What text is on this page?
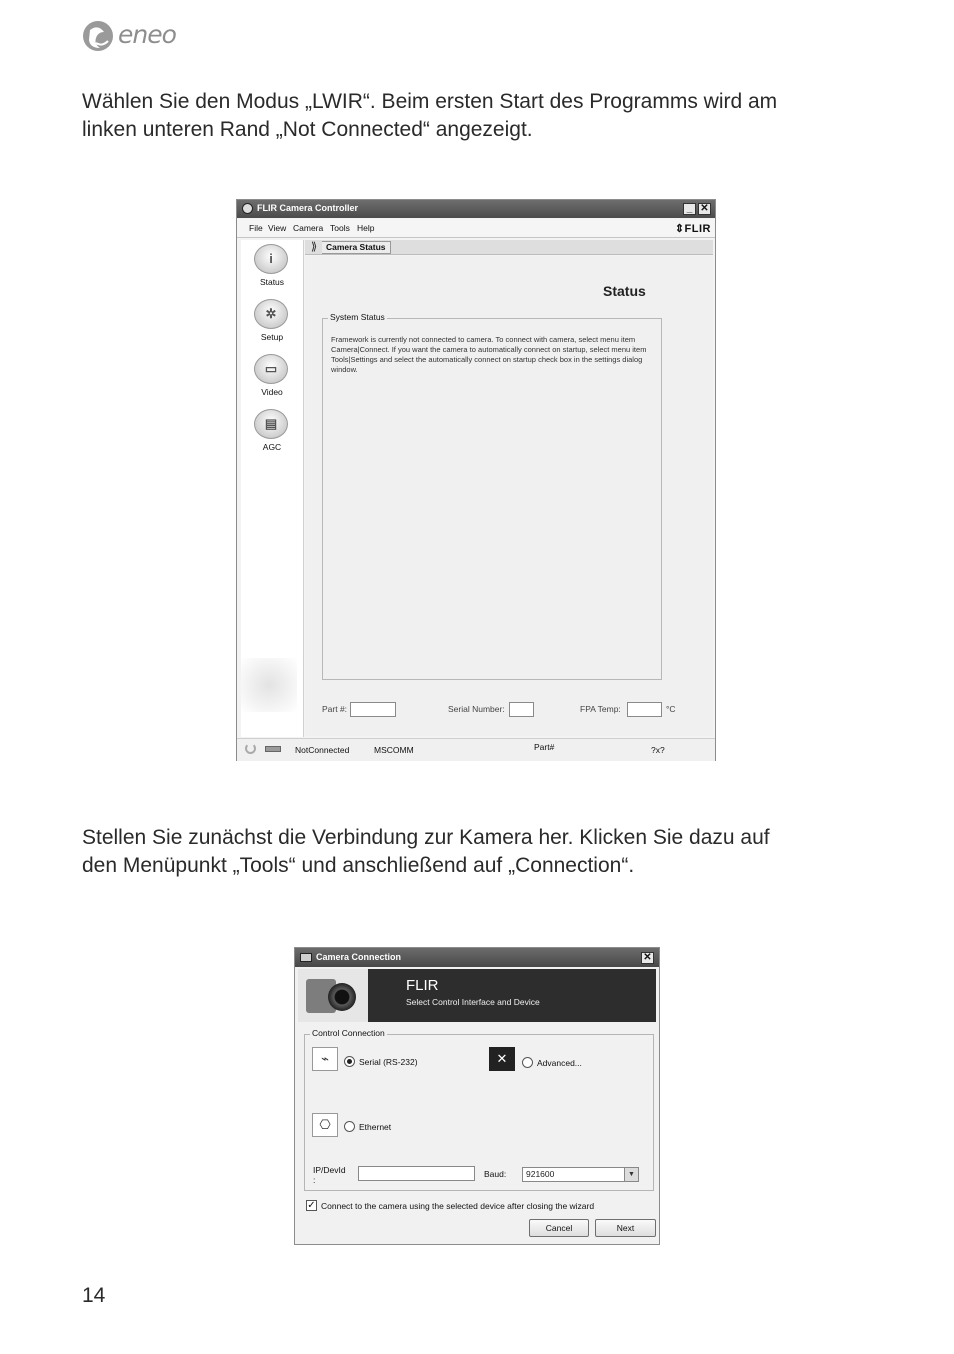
eneo
Wählen Sie den Modus „LWIR“. Beim ersten Start des Programms wird am
linken unteren Rand „Not Connected“ angezeigt.
FLIR Camera Controller	_ ✕
File View Camera Tools Help	⇕FLIR
i
Status
✲
Setup
▭
Video
▤
AGC
⟫	Camera Status
Status
System Status
Framework is currently not connected to camera. To connect with camera, select menu item Camera|Connect. If you want the camera to automatically connect on startup, select menu item Tools|Settings and select the automatically connect on startup check box in the settings dialog window.
Part #:	Serial Number:	FPA Temp:	°C
NotConnected	MSCOMM	Part#	?x?
Stellen Sie zunächst die Verbindung zur Kamera her. Klicken Sie dazu auf
den Menüpunkt „Tools“ und anschließend auf „Connection“.
Camera Connection	✕
FLIR
Select Control Interface and Device
Control Connection
⌁	Serial (RS-232)	✕	Advanced...
⎔	Ethernet
IP/DevId
:
Baud:	921600	▼
✓ Connect to the camera using the selected device after closing the wizard
Cancel	Next
14
